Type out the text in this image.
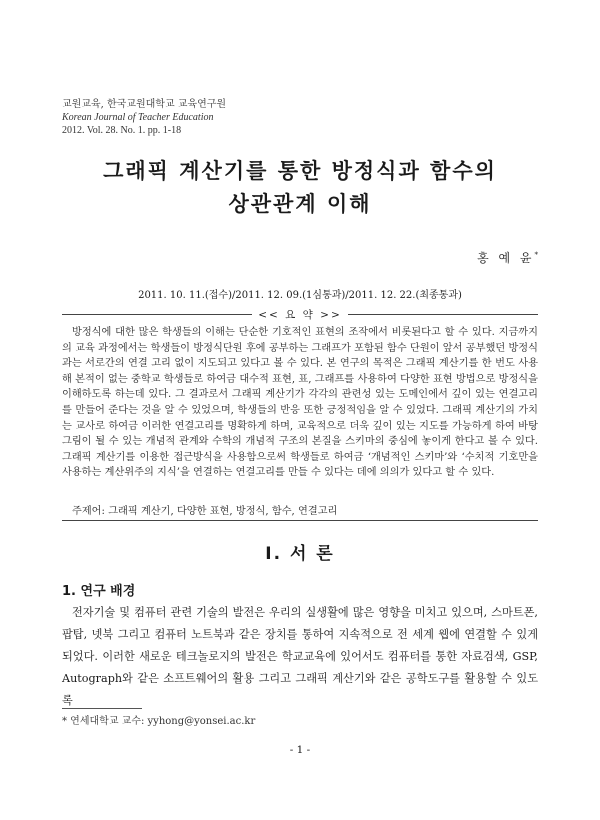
교원교육, 한국교원대학교 교육연구원
Korean Journal of Teacher Education
2012. Vol. 28. No. 1. pp. 1-18
그래픽 계산기를 통한 방정식과 함수의
상관관계 이해
홍 예 윤*
2011. 10. 11.(접수)/2011. 12. 09.(1심통과)/2011. 12. 22.(최종통과)
<< 요 약 >>
방정식에 대한 많은 학생들의 이해는 단순한 기호적인 표현의 조작에서 비롯된다고 할 수 있다. 지금까지의 교육 과정에서는 학생들이 방정식단원 후에 공부하는 그래프가 포함된 함수 단원이 앞서 공부했던 방정식과는 서로간의 연결 고리 없이 지도되고 있다고 볼 수 있다. 본 연구의 목적은 그래픽 계산기를 한 번도 사용해 본적이 없는 중학교 학생들로 하여금 대수적 표현, 표, 그래프를 사용하여 다양한 표현 방법으로 방정식을 이해하도록 하는데 있다. 그 결과로서 그래픽 계산기가 각각의 관련성 있는 도메인에서 깊이 있는 연결고리를 만들어 준다는 것을 알 수 있었으며, 학생들의 반응 또한 긍정적임을 알 수 있었다. 그래픽 계산기의 가치는 교사로 하여금 이러한 연결고리를 명확하게 하며, 교육적으로 더욱 깊이 있는 지도를 가능하게 하여 바탕 그림이 될 수 있는 개념적 관계와 수학의 개념적 구조의 본질을 스키마의 중심에 놓이게 한다고 볼 수 있다. 그래픽 계산기를 이용한 접근방식을 사용함으로써 학생들로 하여금 ‘개념적인 스키마’와 ‘수치적 기호만을 사용하는 계산위주의 지식’을 연결하는 연결고리를 만들 수 있다는 데에 의의가 있다고 할 수 있다.
주제어: 그래픽 계산기, 다양한 표현, 방정식, 함수, 연결고리
Ⅰ. 서 론
1. 연구 배경
전자기술 및 컴퓨터 관련 기술의 발전은 우리의 실생활에 많은 영향을 미치고 있으며, 스마트폰, 팝탑, 넷북 그리고 컴퓨터 노트북과 같은 장치를 통하여 지속적으로 전 세계 웹에 연결할 수 있게 되었다. 이러한 새로운 테크놀로지의 발전은 학교교육에 있어서도 컴퓨터를 통한 자료검색, GSP, Autograph와 같은 소프트웨어의 활용 그리고 그래픽 계산기와 같은 공학도구를 활용할 수 있도록
* 연세대학교 교수: yyhong@yonsei.ac.kr
- 1 -
